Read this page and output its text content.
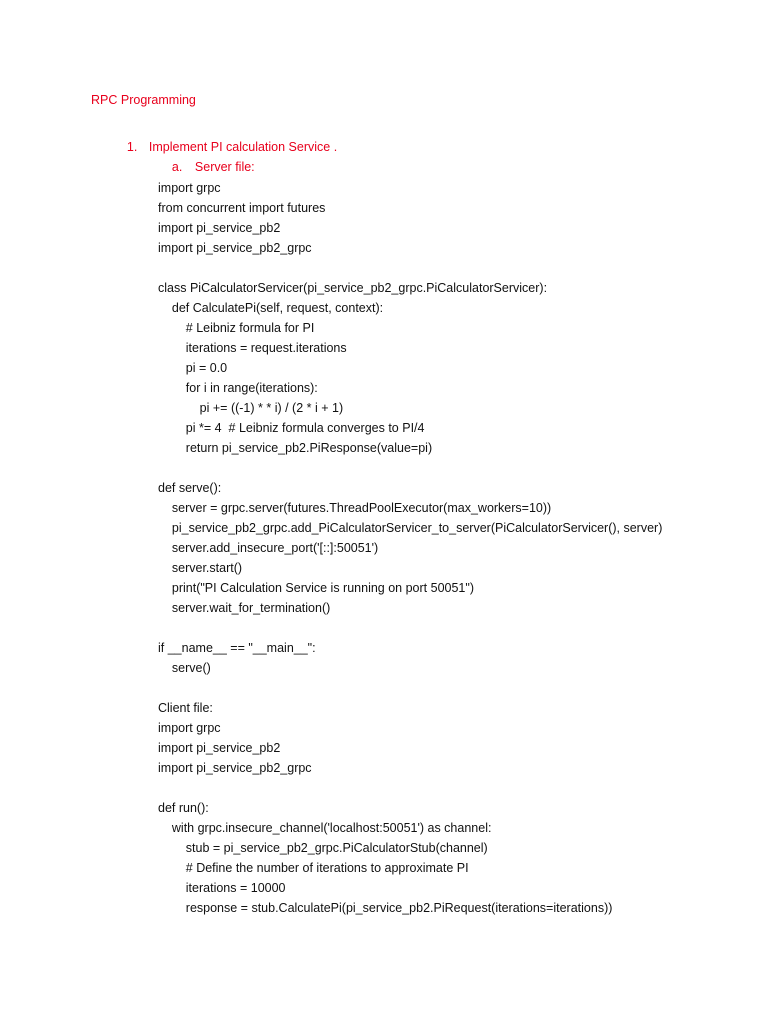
RPC Programming

1. Implement PI calculation Service .

a. Server file:

import grpc
from concurrent import futures
import pi_service_pb2
import pi_service_pb2_grpc
class PiCalculatorServicer(pi_service_pb2_grpc.PiCalculatorServicer):
def CalculatePi(self, request, context):
# Leibniz formula for PI
iterations = request.iterations
pi = 0.0
for i in range(iterations):
pi += ((-1) * * i) / (2 * i + 1)
pi *= 4  # Leibniz formula converges to PI/4
return pi_service_pb2.PiResponse(value=pi)
def serve():
server = grpc.server(futures.ThreadPoolExecutor(max_workers=10))
pi_service_pb2_grpc.add_PiCalculatorServicer_to_server(PiCalculatorServicer(), server)
server.add_insecure_port('[::]:50051')
server.start()
print("PI Calculation Service is running on port 50051")
server.wait_for_termination()
if __name__ == "__main__":
serve()
Client file:
import grpc
import pi_service_pb2
import pi_service_pb2_grpc
def run():
with grpc.insecure_channel('localhost:50051') as channel:
stub = pi_service_pb2_grpc.PiCalculatorStub(channel)
# Define the number of iterations to approximate PI
iterations = 10000
response = stub.CalculatePi(pi_service_pb2.PiRequest(iterations=iterations))
